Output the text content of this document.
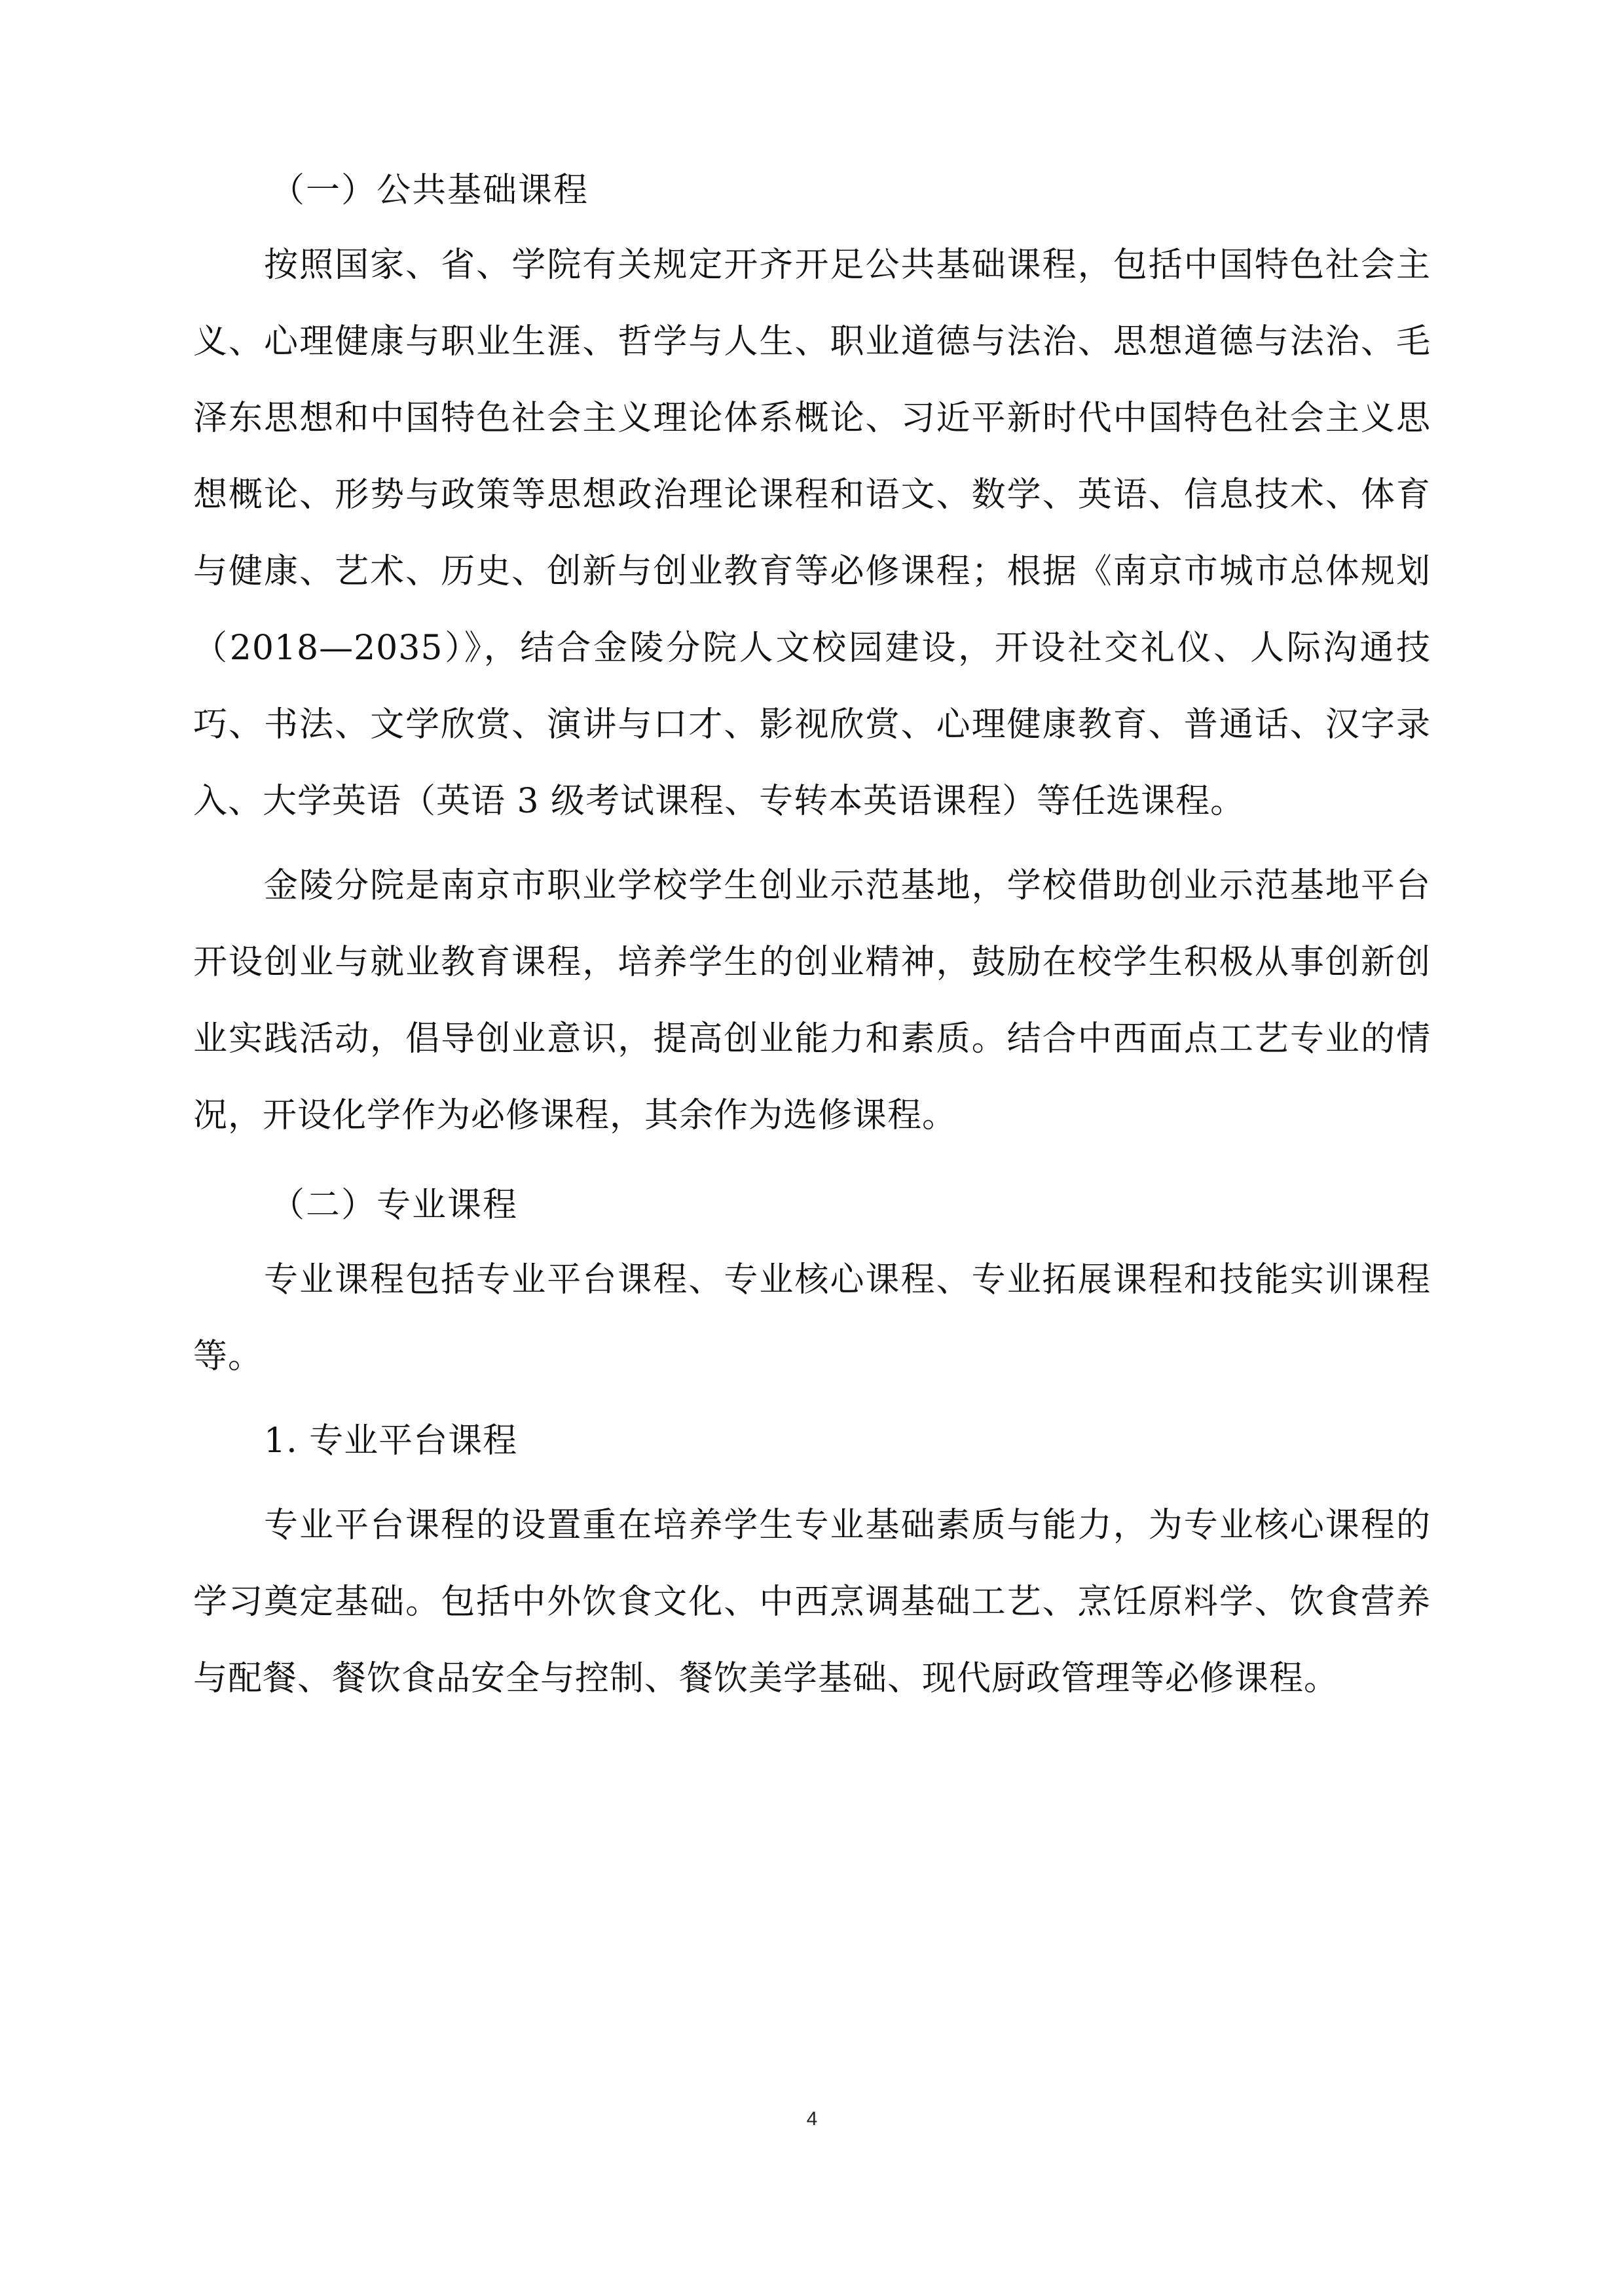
（一）公共基础课程

按照国家、省、学院有关规定开齐开足公共基础课程，包括中国特色社会主义、心理健康与职业生涯、哲学与人生、职业道德与法治、思想道德与法治、毛泽东思想和中国特色社会主义理论体系概论、习近平新时代中国特色社会主义思想概论、形势与政策等思想政治理论课程和语文、数学、英语、信息技术、体育与健康、艺术、历史、创新与创业教育等必修课程；根据《南京市城市总体规划（2018—2035）》，结合金陵分院人文校园建设，开设社交礼仪、人际沟通技巧、书法、文学欣赏、演讲与口才、影视欣赏、心理健康教育、普通话、汉字录入、大学英语（英语 3 级考试课程、专转本英语课程）等任选课程。

金陵分院是南京市职业学校学生创业示范基地，学校借助创业示范基地平台开设创业与就业教育课程，培养学生的创业精神，鼓励在校学生积极从事创新创业实践活动，倡导创业意识，提高创业能力和素质。结合中西面点工艺专业的情况，开设化学作为必修课程，其余作为选修课程。

（二）专业课程

专业课程包括专业平台课程、专业核心课程、专业拓展课程和技能实训课程等。

1. 专业平台课程

专业平台课程的设置重在培养学生专业基础素质与能力，为专业核心课程的学习奠定基础。包括中外饮食文化、中西烹调基础工艺、烹饪原料学、饮食营养与配餐、餐饮食品安全与控制、餐饮美学基础、现代厨政管理等必修课程。

4
